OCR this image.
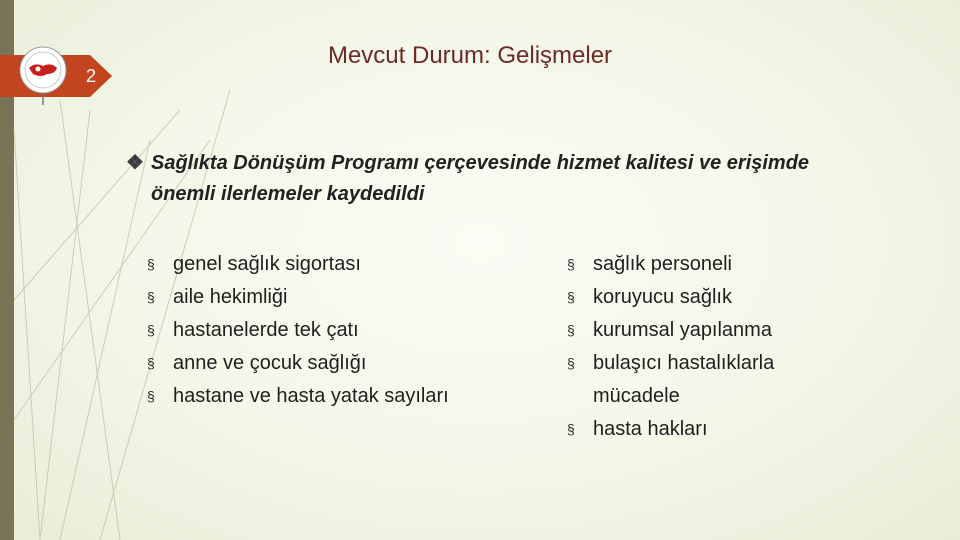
2
Mevcut Durum: Gelişmeler
❖ Sağlıkta Dönüşüm Programı çerçevesinde hizmet kalitesi ve erişimde önemli ilerlemeler kaydedildi
§ genel sağlık sigortası
§ aile hekimliği
§ hastanelerde tek çatı
§ anne ve çocuk sağlığı
§ hastane ve hasta yatak sayıları
§ sağlık personeli
§ koruyucu sağlık
§ kurumsal yapılanma
§ bulaşıcı hastalıklarla mücadele
§ hasta hakları
